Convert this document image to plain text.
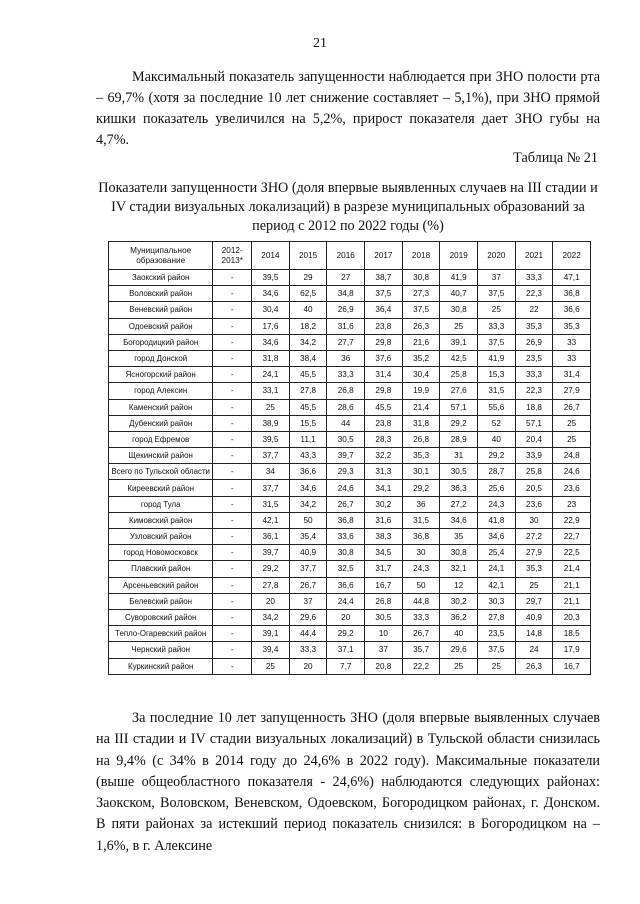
21

Максимальный показатель запущенности наблюдается при ЗНО полости рта – 69,7% (хотя за последние 10 лет снижение составляет – 5,1%), при ЗНО прямой кишки показатель увеличился на 5,2%, прирост показателя дает ЗНО губы на 4,7%.

Таблица № 21

Показатели запущенности ЗНО (доля впервые выявленных случаев на III стадии и IV стадии визуальных локализаций) в разрезе муниципальных образований за период с 2012 по 2022 годы (%)

Муниципальное образование	2012-2013*	2014	2015	2016	2017	2018	2019	2020	2021	2022
Заокский район	-	39,5	29	27	38,7	30,8	41,9	37	33,3	47,1
Воловский район	-	34,6	62,5	34,8	37,5	27,3	40,7	37,5	22,3	36,8
Веневский район	-	30,4	40	26,9	36,4	37,5	30,8	25	22	36,6
Одоевский район	-	17,6	18,2	31,6	23,8	26,3	25	33,3	35,3	35,3
Богородицкий район	-	34,6	34,2	27,7	29,8	21,6	39,1	37,5	26,9	33
город Донской	-	31,8	38,4	36	37,6	35,2	42,5	41,9	23,5	33
Ясногорский район	-	24,1	45,5	33,3	31,4	30,4	25,8	15,3	33,3	31,4
город Алексин	-	33,1	27,8	26,8	29,8	19,9	27,6	31,5	22,3	27,9
Каменский район	-	25	45,5	28,6	45,5	21,4	57,1	55,6	18,8	26,7
Дубенский район	-	38,9	15,5	44	23,8	31,8	29,2	52	57,1	25
город Ефремов	-	39,5	11,1	30,5	28,3	26,8	28,9	40	20,4	25
Щекинский район	-	37,7	43,3	39,7	32,2	35,3	31	29,2	33,9	24,8
Всего по Тульской области	-	34	36,6	29,3	31,3	30,1	30,5	28,7	25,8	24,6
Киреевский район	-	37,7	34,6	24,6	34,1	29,2	36,3	25,6	20,5	23,6
город Тула	-	31,5	34,2	26,7	30,2	36	27,2	24,3	23,6	23
Кимовский район	-	42,1	50	36,8	31,6	31,5	34,6	41,8	30	22,9
Узловский район	-	36,1	35,4	33,6	38,3	36,8	35	34,6	27,2	22,7
город Новомосковск	-	39,7	40,9	30,8	34,5	30	30,8	25,4	27,9	22,5
Плавский район	-	29,2	37,7	32,5	31,7	24,3	32,1	24,1	35,3	21,4
Арсеньевский район	-	27,8	26,7	36,6	16,7	50	12	42,1	25	21,1
Белевский район	-	20	37	24,4	26,8	44,8	30,2	30,3	29,7	21,1
Суворовский район	-	34,2	29,6	20	30,5	33,3	36,2	27,8	40,9	20,3
Тепло-Огаревский район	-	39,1	44,4	29,2	10	26,7	40	23,5	14,8	18,5
Чернский район	-	39,4	33,3	37,1	37	35,7	29,6	37,5	24	17,9
Куркинский район	-	25	20	7,7	20,8	22,2	25	25	26,3	16,7

За последние 10 лет запущенность ЗНО (доля впервые выявленных случаев на III стадии и IV стадии визуальных локализаций) в Тульской области снизилась на 9,4% (с 34% в 2014 году до 24,6% в 2022 году). Максимальные показатели (выше общеобластного показателя - 24,6%) наблюдаются следующих районах: Заокском, Воловском, Веневском, Одоевском, Богородицком районах, г. Донском. В пяти районах за истекший период показатель снизился: в Богородицком на – 1,6%, в г. Алексине
